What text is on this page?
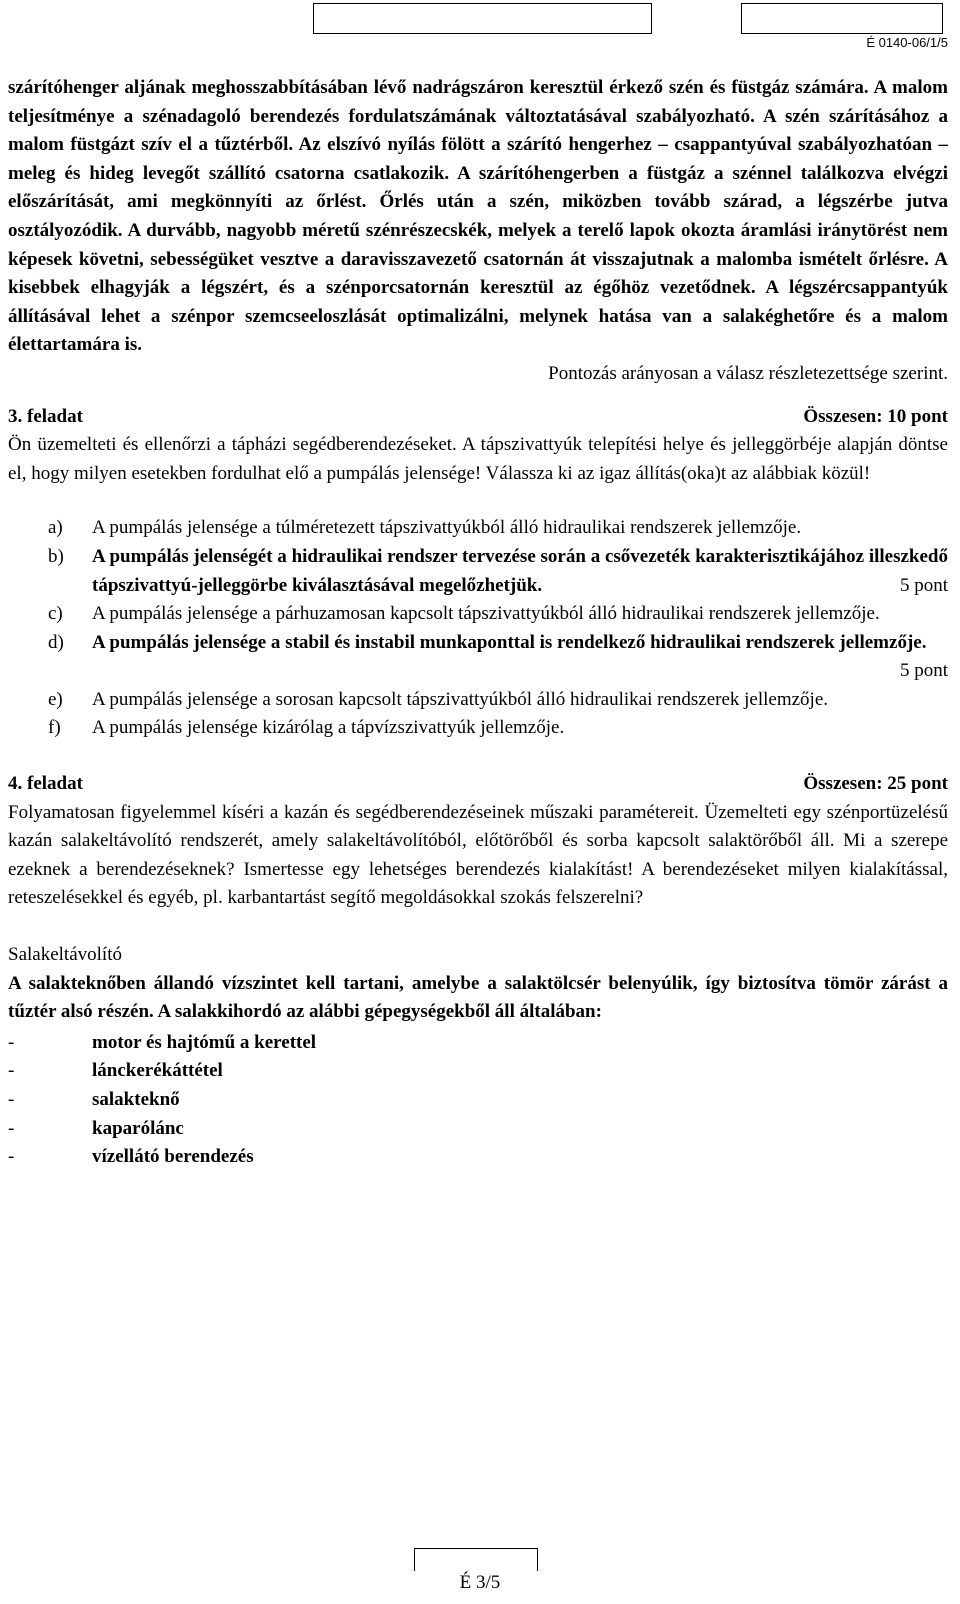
É 0140-06/1/5

szárítóhenger aljának meghosszabbításában lévő nadrágszáron keresztül érkező szén és füstgáz számára. A malom teljesítménye a szénadagoló berendezés fordulatszámának változtatásával szabályozható. A szén szárításához a malom füstgázt szív el a tűztérből. Az elszívó nyílás fölött a szárító hengerhez – csappantyúval szabályozhatóan – meleg és hideg levegőt szállító csatorna csatlakozik. A szárítóhengerben a füstgáz a szénnel találkozva elvégzi előszárítását, ami megkönnyíti az őrlést. Őrlés után a szén, miközben tovább szárad, a légszérbe jutva osztályozódik. A durvább, nagyobb méretű szénrészecskék, melyek a terelő lapok okozta áramlási iránytörést nem képesek követni, sebességüket vesztve a daravisszavezető csatornán át visszajutnak a malomba ismételt őrlésre. A kisebbek elhagyják a légszért, és a szénporcsatornán keresztül az égőhöz vezetődnek. A légszércsappantyúk állításával lehet a szénpor szemcseeloszlását optimalizálni, melynek hatása van a salakéghetőre és a malom élettartamára is.

Pontozás arányosan a válasz részletezettsége szerint.

3. feladat	Összesen: 10 pont

Ön üzemelteti és ellenőrzi a tápházi segédberendezéseket. A tápszivattyúk telepítési helye és jelleggörbéje alapján döntse el, hogy milyen esetekben fordulhat elő a pumpálás jelensége! Válassza ki az igaz állítás(oka)t az alábbiak közül!

a)	A pumpálás jelensége a túlméretezett tápszivattyúkból álló hidraulikai rendszerek jellemzője.
b)	A pumpálás jelenségét a hidraulikai rendszer tervezése során a csővezeték karakterisztikájához illeszkedő tápszivattyú-jelleggörbe kiválasztásával megelőzhetjük.	5 pont
c)	A pumpálás jelensége a párhuzamosan kapcsolt tápszivattyúkból álló hidraulikai rendszerek jellemzője.
d)	A pumpálás jelensége a stabil és instabil munkaponttal is rendelkező hidraulikai rendszerek jellemzője.
5 pont
e)	A pumpálás jelensége a sorosan kapcsolt tápszivattyúkból álló hidraulikai rendszerek jellemzője.
f)	A pumpálás jelensége kizárólag a tápvízszivattyúk jellemzője.
4. feladat	Összesen: 25 pont

Folyamatosan figyelemmel kíséri a kazán és segédberendezéseinek műszaki paramétereit. Üzemelteti egy szénportüzelésű kazán salakeltávolító rendszerét, amely salakeltávolítóból, előtörőből és sorba kapcsolt salaktörőből áll. Mi a szerepe ezeknek a berendezéseknek? Ismertesse egy lehetséges berendezés kialakítást! A berendezéseket milyen kialakítással, reteszelésekkel és egyéb, pl. karbantartást segítő megoldásokkal szokás felszerelni?

Salakeltávolító

A salakteknőben állandó vízszintet kell tartani, amelybe a salaktölcsér belenyúlik, így biztosítva tömör zárást a tűztér alsó részén. A salakkihordó az alábbi gépegységekből áll általában:

-	motor és hajtómű a kerettel
-	lánckerékáttétel
-	salakteknő
-	kaparólánc
-	vízellátó berendezés
É 3/5
